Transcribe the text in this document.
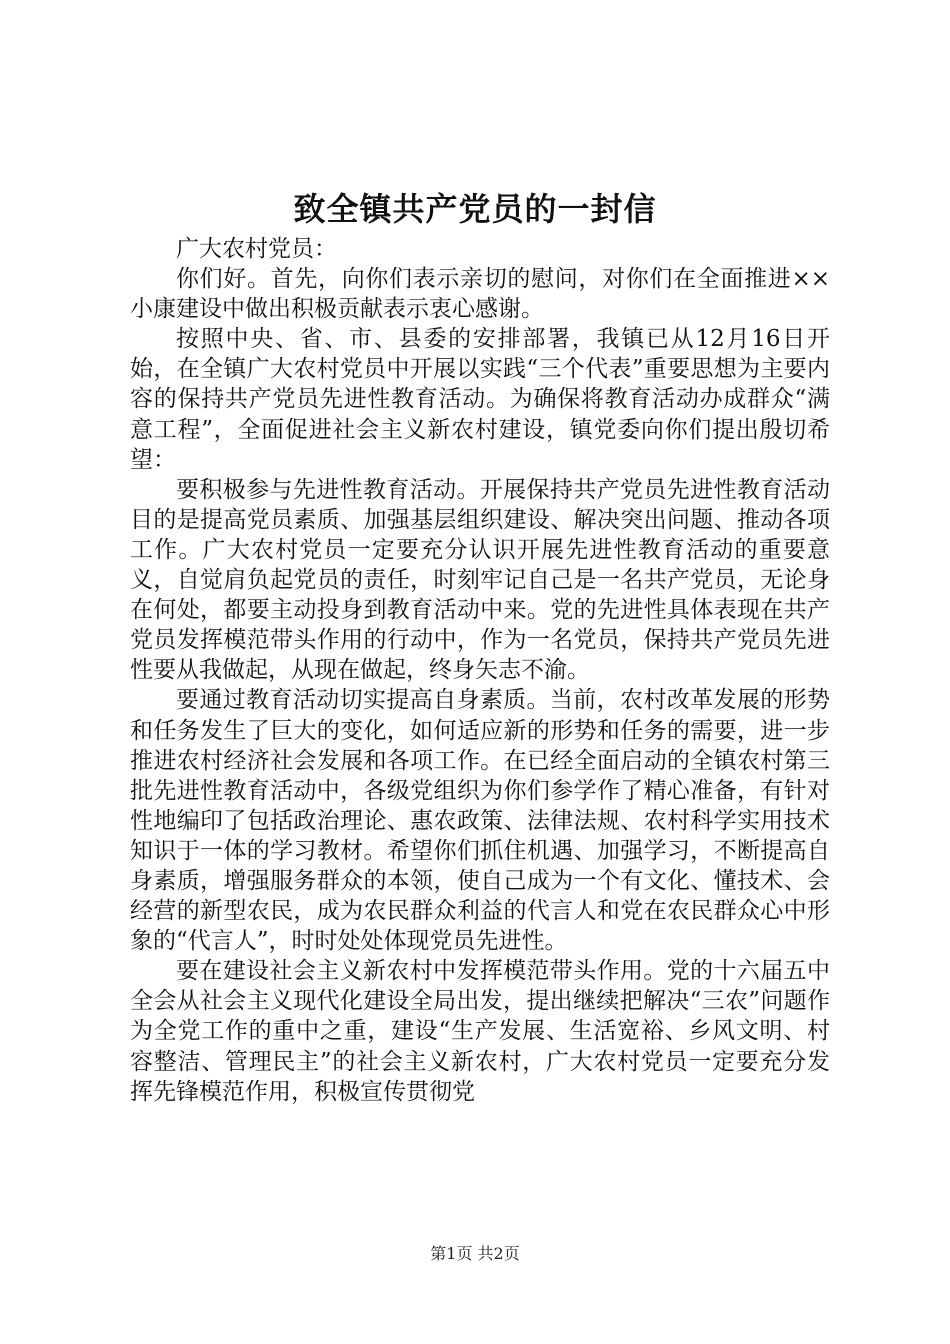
致全镇共产党员的一封信

广大农村党员：

你们好。首先，向你们表示亲切的慰问，对你们在全面推进××小康建设中做出积极贡献表示衷心感谢。

按照中央、省、市、县委的安排部署，我镇已从12月16日开始，在全镇广大农村党员中开展以实践“三个代表”重要思想为主要内容的保持共产党员先进性教育活动。为确保将教育活动办成群众“满意工程”，全面促进社会主义新农村建设，镇党委向你们提出殷切希望：

要积极参与先进性教育活动。开展保持共产党员先进性教育活动目的是提高党员素质、加强基层组织建设、解决突出问题、推动各项工作。广大农村党员一定要充分认识开展先进性教育活动的重要意义，自觉肩负起党员的责任，时刻牢记自己是一名共产党员，无论身在何处，都要主动投身到教育活动中来。党的先进性具体表现在共产党员发挥模范带头作用的行动中，作为一名党员，保持共产党员先进性要从我做起，从现在做起，终身矢志不渝。

要通过教育活动切实提高自身素质。当前，农村改革发展的形势和任务发生了巨大的变化，如何适应新的形势和任务的需要，进一步推进农村经济社会发展和各项工作。在已经全面启动的全镇农村第三批先进性教育活动中，各级党组织为你们参学作了精心准备，有针对性地编印了包括政治理论、惠农政策、法律法规、农村科学实用技术知识于一体的学习教材。希望你们抓住机遇、加强学习，不断提高自身素质，增强服务群众的本领，使自己成为一个有文化、懂技术、会经营的新型农民，成为农民群众利益的代言人和党在农民群众心中形象的“代言人”，时时处处体现党员先进性。

要在建设社会主义新农村中发挥模范带头作用。党的十六届五中全会从社会主义现代化建设全局出发，提出继续把解决“三农”问题作为全党工作的重中之重，建设“生产发展、生活宽裕、乡风文明、村容整洁、管理民主”的社会主义新农村，广大农村党员一定要充分发挥先锋模范作用，积极宣传贯彻党

第1页 共2页
